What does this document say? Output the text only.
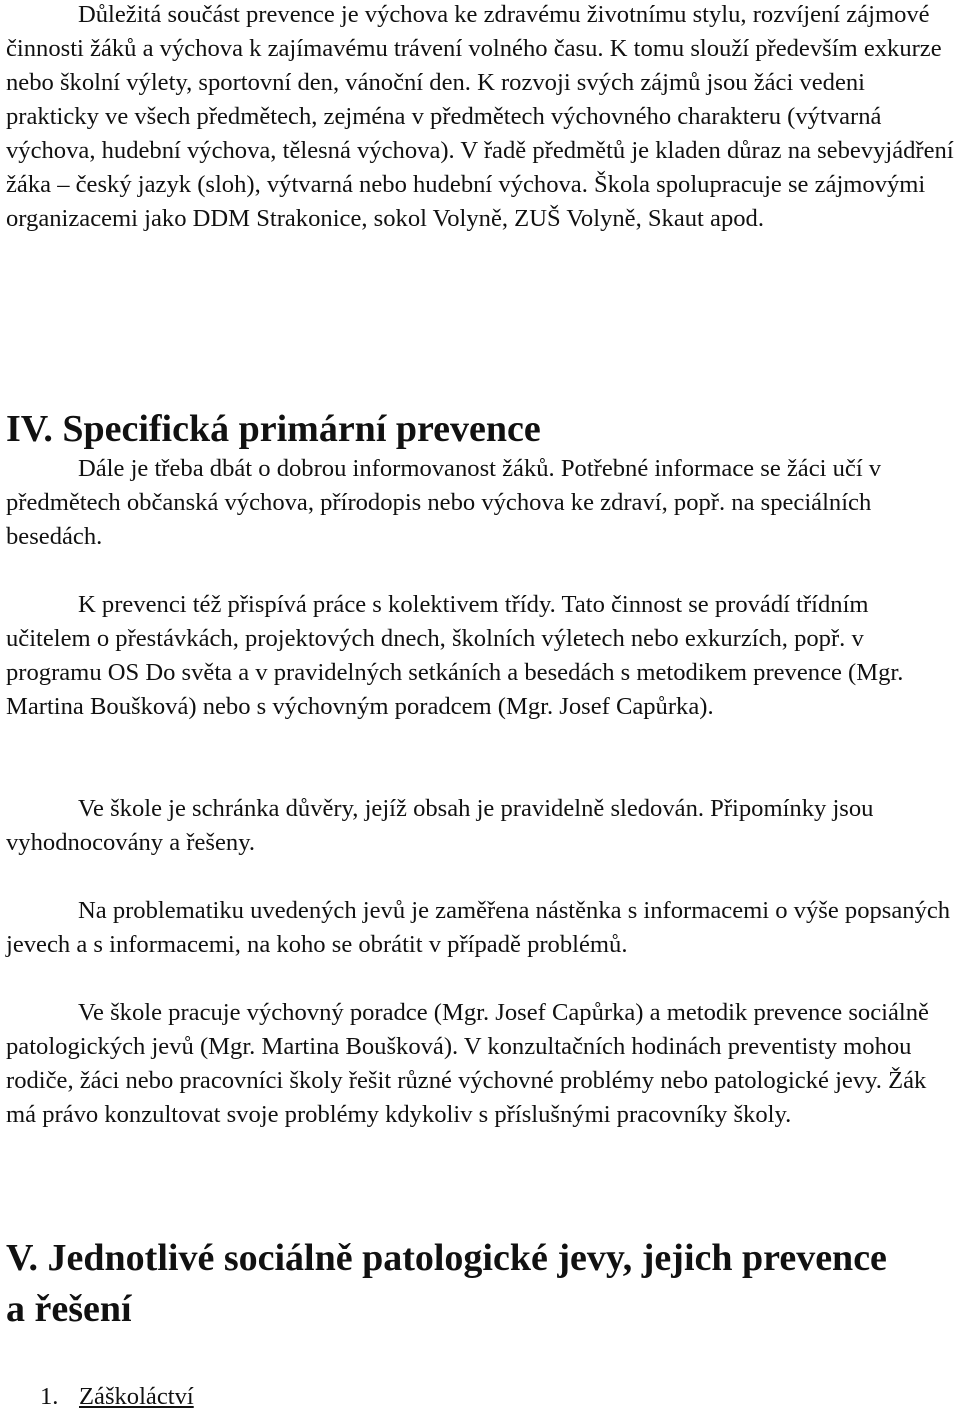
Důležitá součást prevence je výchova ke zdravému životnímu stylu, rozvíjení zájmové činnosti žáků a výchova k zajímavému trávení volného času. K tomu slouží především exkurze nebo školní výlety, sportovní den, vánoční den. K rozvoji svých zájmů jsou žáci vedeni prakticky ve všech předmětech, zejména v předmětech výchovného charakteru (výtvarná výchova, hudební výchova, tělesná výchova). V řadě předmětů je kladen důraz na sebevyjádření žáka – český jazyk (sloh), výtvarná nebo hudební výchova. Škola spolupracuje se zájmovými organizacemi jako DDM Strakonice, sokol Volyně, ZUŠ Volyně, Skaut apod.

IV. Specifická primární prevence

Dále je třeba dbát o dobrou informovanost žáků. Potřebné informace se žáci učí v předmětech občanská výchova, přírodopis nebo výchova ke zdraví, popř. na speciálních besedách.

K prevenci též přispívá práce s kolektivem třídy. Tato činnost se provádí třídním učitelem o přestávkách, projektových dnech, školních výletech nebo exkurzích, popř. v programu OS Do světa a v pravidelných setkáních a besedách s metodikem prevence (Mgr. Martina Boušková) nebo s výchovným poradcem (Mgr. Josef Capůrka).

Ve škole je schránka důvěry, jejíž obsah je pravidelně sledován. Připomínky jsou vyhodnocovány a řešeny.

Na problematiku uvedených jevů je zaměřena nástěnka s informacemi o výše popsaných jevech a s informacemi, na koho se obrátit v případě problémů.

Ve škole pracuje výchovný poradce (Mgr. Josef Capůrka) a metodik prevence sociálně patologických jevů (Mgr. Martina Boušková). V konzultačních hodinách preventisty mohou rodiče, žáci nebo pracovníci školy řešit různé výchovné problémy nebo patologické jevy. Žák má právo konzultovat svoje problémy kdykoliv s příslušnými pracovníky školy.

V. Jednotlivé sociálně patologické jevy, jejich prevence a řešení

1. Záškoláctví
